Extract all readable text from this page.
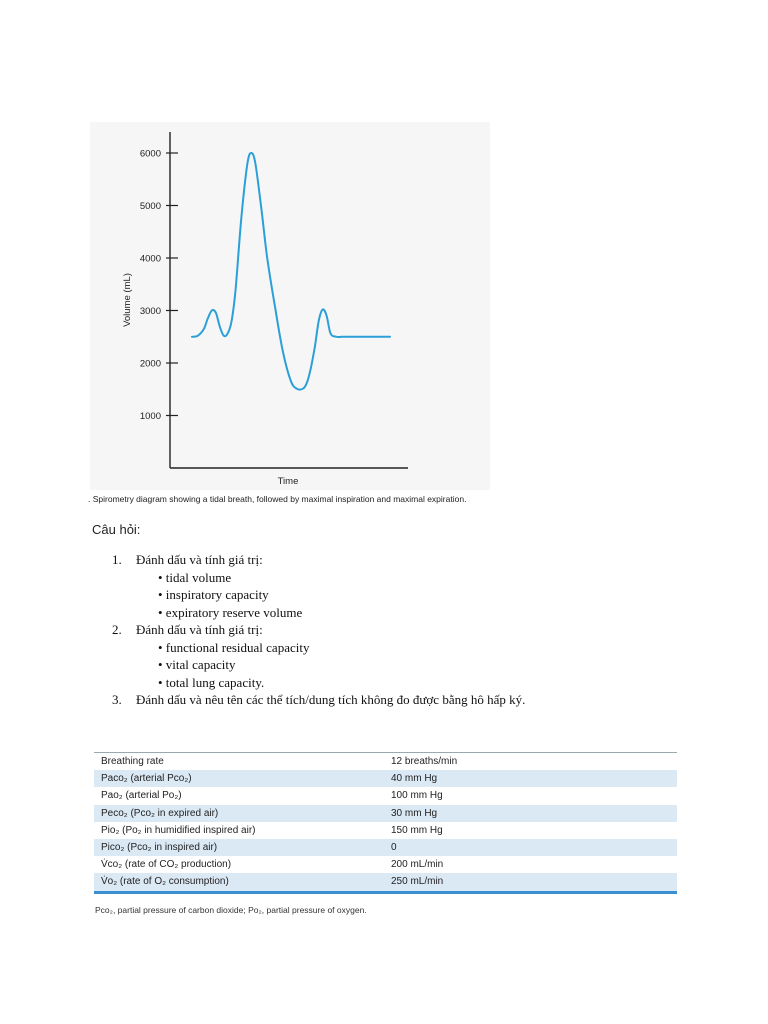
1000
2000
3000
4000
5000
6000
Time
Volume (mL)
. Spirometry diagram showing a tidal breath, followed by maximal inspiration and maximal expiration.
Câu hỏi:
1. Đánh dấu và tính giá trị:
• tidal volume
• inspiratory capacity
• expiratory reserve volume
2. Đánh dấu và tính giá trị:
• functional residual capacity
• vital capacity
• total lung capacity.
3. Đánh dấu và nêu tên các thể tích/dung tích không đo được bằng hô hấp ký.
Breathing rate	12 breaths/min
Paco₂ (arterial Pco₂)	40 mm Hg
Pao₂ (arterial Po₂)	100 mm Hg
Peco₂ (Pco₂ in expired air)	30 mm Hg
Pio₂ (Po₂ in humidified inspired air)	150 mm Hg
Pico₂ (Pco₂ in inspired air)	0
V̇co₂ (rate of CO₂ production)	200 mL/min
V̇o₂ (rate of O₂ consumption)	250 mL/min
Pco₂, partial pressure of carbon dioxide; Po₂, partial pressure of oxygen.
